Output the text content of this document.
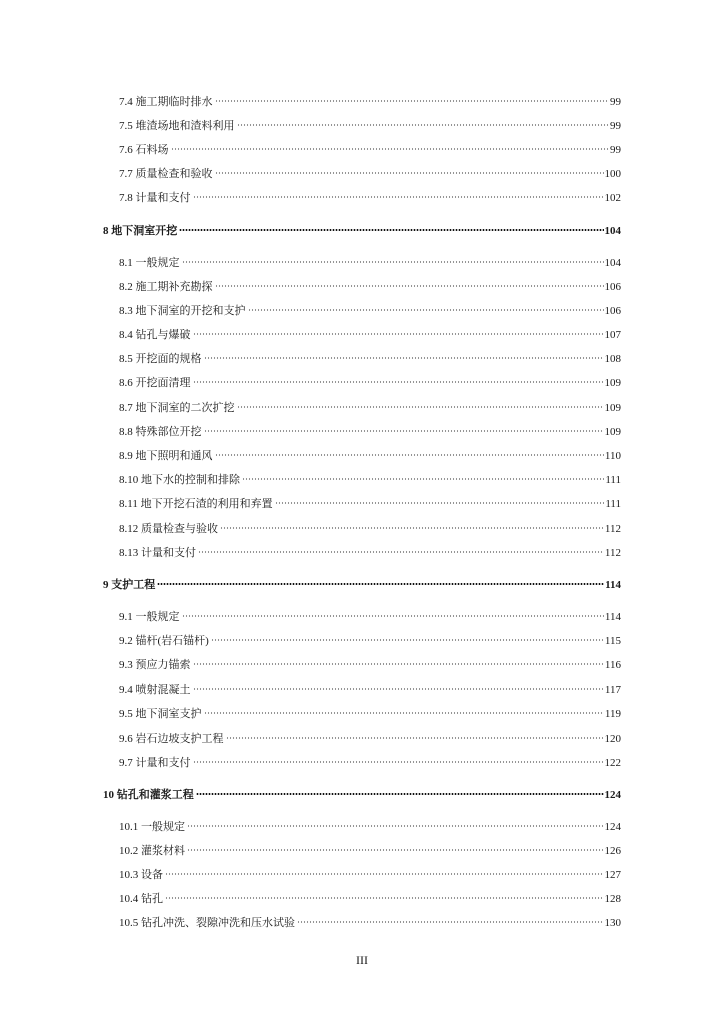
7.4 施工期临时排水	99
7.5 堆渣场地和渣料利用	99
7.6 石料场	99
7.7 质量检查和验收	100
7.8 计量和支付	102
8 地下洞室开挖	104
8.1 一般规定	104
8.2 施工期补充勘探	106
8.3 地下洞室的开挖和支护	106
8.4 钻孔与爆破	107
8.5 开挖面的规格	108
8.6 开挖面清理	109
8.7 地下洞室的二次扩挖	109
8.8 特殊部位开挖	109
8.9 地下照明和通风	110
8.10 地下水的控制和排除	111
8.11 地下开挖石渣的利用和弃置	111
8.12 质量检查与验收	112
8.13 计量和支付	112
9 支护工程	114
9.1 一般规定	114
9.2 锚杆(岩石锚杆)	115
9.3 预应力锚索	116
9.4 喷射混凝土	117
9.5 地下洞室支护	119
9.6 岩石边坡支护工程	120
9.7 计量和支付	122
10 钻孔和灌浆工程	124
10.1 一般规定	124
10.2 灌浆材料	126
10.3 设备	127
10.4 钻孔	128
10.5 钻孔冲洗、裂隙冲洗和压水试验	130
III
